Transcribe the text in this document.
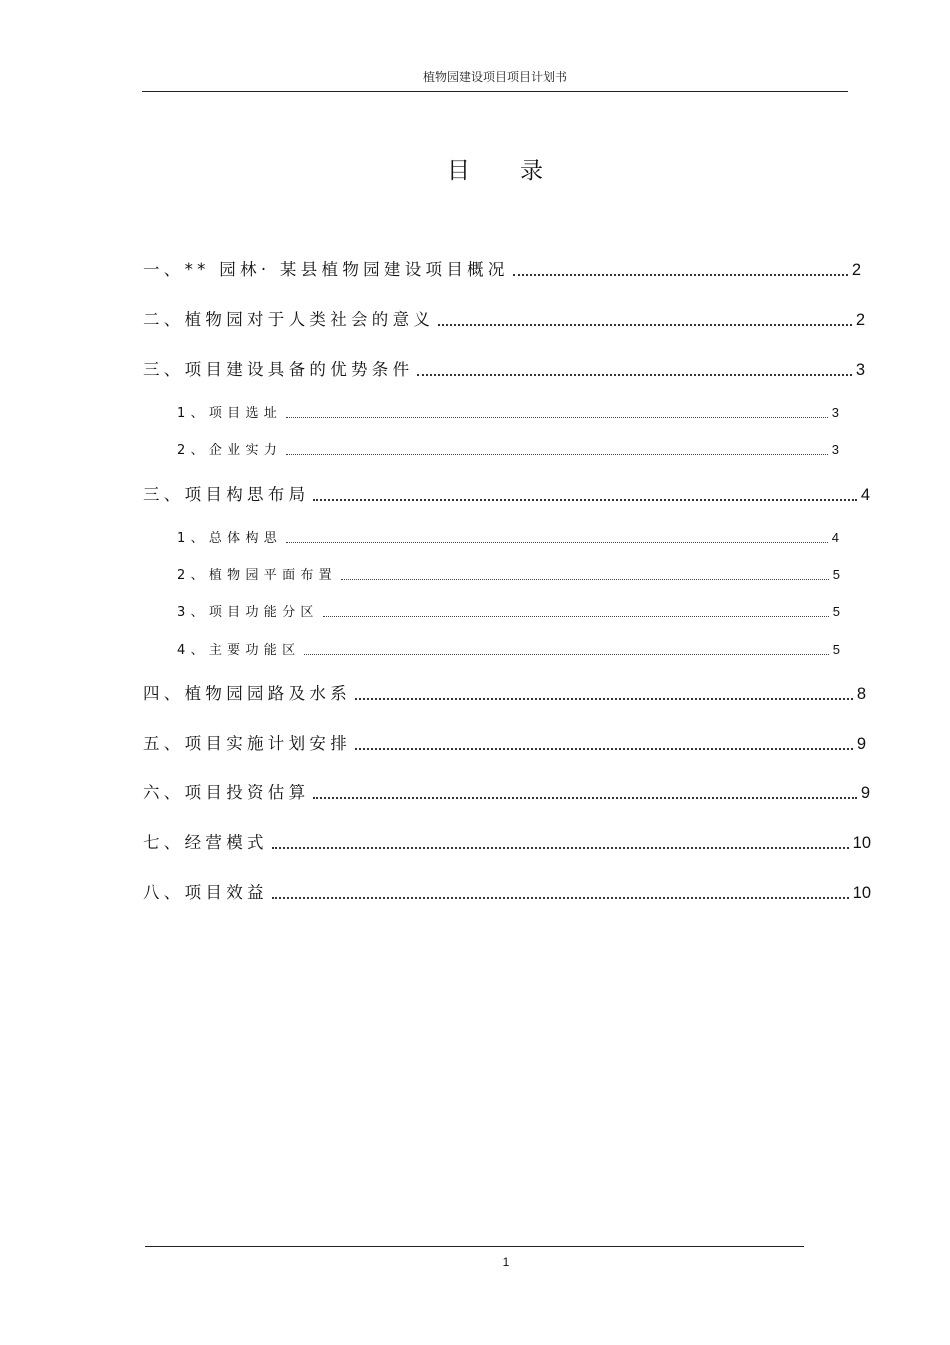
植物园建设项目项目计划书
目录
一、** 园林· 某县植物园建设项目概况	2
二、植物园对于人类社会的意义	2
三、项目建设具备的优势条件	3
1、项目选址	3
2、企业实力	3
三、项目构思布局	4
1、总体构思	4
2、植物园平面布置	5
3、项目功能分区	5
4、主要功能区	5
四、植物园园路及水系	8
五、项目实施计划安排	9
六、项目投资估算	9
七、经营模式	10
八、项目效益	10
1
